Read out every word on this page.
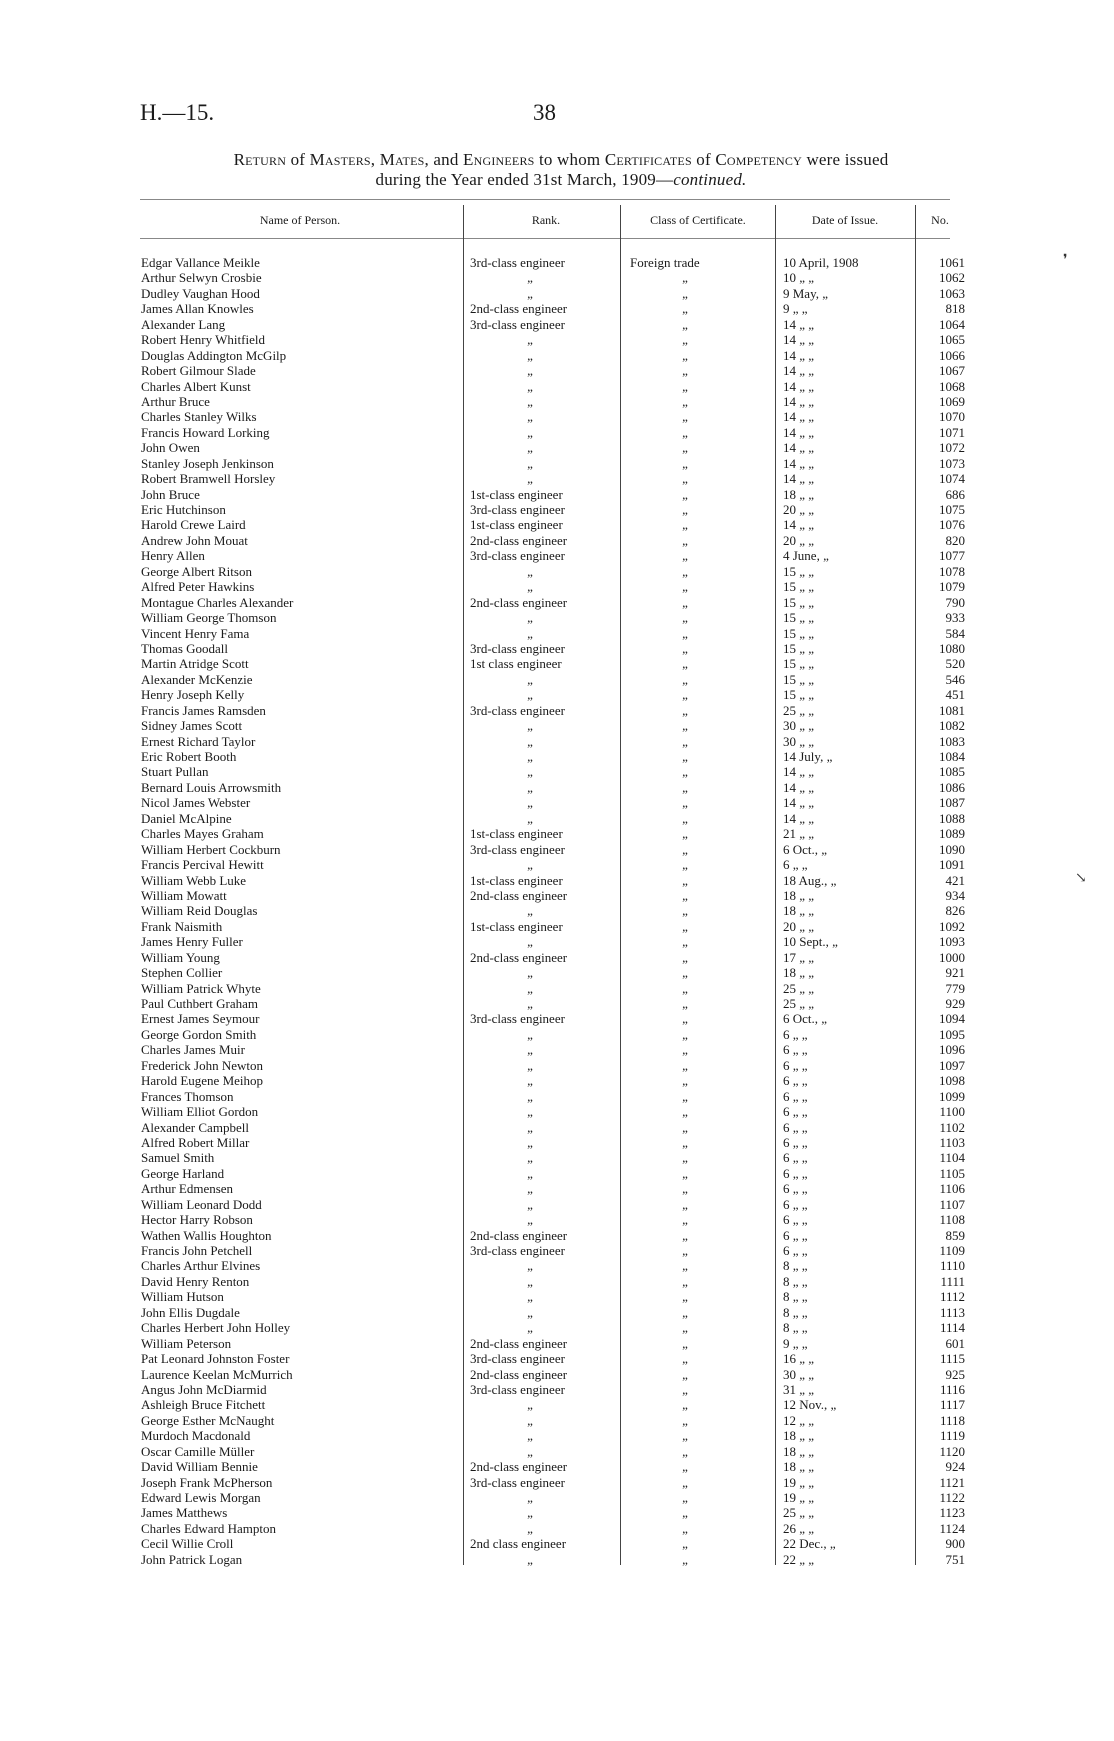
H.—15.	38
Return of Masters, Mates, and Engineers to whom Certificates of Competency were issued
during the Year ended 31st March, 1909—continued.
Name of Person.	Rank.	Class of Certificate.	Date of Issue.	No.
Edgar Vallance Meikle	3rd-class engineer	Foreign trade	10 April, 1908	1061
Arthur Selwyn Crosbie	„	„	10 „ „	1062
Dudley Vaughan Hood	„	„	9 May, „	1063
James Allan Knowles	2nd-class engineer	„	9 „ „	818
Alexander Lang	3rd-class engineer	„	14 „ „	1064
Robert Henry Whitfield	„	„	14 „ „	1065
Douglas Addington McGilp	„	„	14 „ „	1066
Robert Gilmour Slade	„	„	14 „ „	1067
Charles Albert Kunst	„	„	14 „ „	1068
Arthur Bruce	„	„	14 „ „	1069
Charles Stanley Wilks	„	„	14 „ „	1070
Francis Howard Lorking	„	„	14 „ „	1071
John Owen	„	„	14 „ „	1072
Stanley Joseph Jenkinson	„	„	14 „ „	1073
Robert Bramwell Horsley	„	„	14 „ „	1074
John Bruce	1st-class engineer	„	18 „ „	686
Eric Hutchinson	3rd-class engineer	„	20 „ „	1075
Harold Crewe Laird	1st-class engineer	„	14 „ „	1076
Andrew John Mouat	2nd-class engineer	„	20 „ „	820
Henry Allen	3rd-class engineer	„	4 June, „	1077
George Albert Ritson	„	„	15 „ „	1078
Alfred Peter Hawkins	„	„	15 „ „	1079
Montague Charles Alexander	2nd-class engineer	„	15 „ „	790
William George Thomson	„	„	15 „ „	933
Vincent Henry Fama	„	„	15 „ „	584
Thomas Goodall	3rd-class engineer	„	15 „ „	1080
Martin Atridge Scott	1st class engineer	„	15 „ „	520
Alexander McKenzie	„	„	15 „ „	546
Henry Joseph Kelly	„	„	15 „ „	451
Francis James Ramsden	3rd-class engineer	„	25 „ „	1081
Sidney James Scott	„	„	30 „ „	1082
Ernest Richard Taylor	„	„	30 „ „	1083
Eric Robert Booth	„	„	14 July, „	1084
Stuart Pullan	„	„	14 „ „	1085
Bernard Louis Arrowsmith	„	„	14 „ „	1086
Nicol James Webster	„	„	14 „ „	1087
Daniel McAlpine	„	„	14 „ „	1088
Charles Mayes Graham	1st-class engineer	„	21 „ „	1089
William Herbert Cockburn	3rd-class engineer	„	6 Oct., „	1090
Francis Percival Hewitt	„	„	6 „ „	1091
William Webb Luke	1st-class engineer	„	18 Aug., „	421
William Mowatt	2nd-class engineer	„	18 „ „	934
William Reid Douglas	„	„	18 „ „	826
Frank Naismith	1st-class engineer	„	20 „ „	1092
James Henry Fuller	„	„	10 Sept., „	1093
William Young	2nd-class engineer	„	17 „ „	1000
Stephen Collier	„	„	18 „ „	921
William Patrick Whyte	„	„	25 „ „	779
Paul Cuthbert Graham	„	„	25 „ „	929
Ernest James Seymour	3rd-class engineer	„	6 Oct., „	1094
George Gordon Smith	„	„	6 „ „	1095
Charles James Muir	„	„	6 „ „	1096
Frederick John Newton	„	„	6 „ „	1097
Harold Eugene Meihop	„	„	6 „ „	1098
Frances Thomson	„	„	6 „ „	1099
William Elliot Gordon	„	„	6 „ „	1100
Alexander Campbell	„	„	6 „ „	1102
Alfred Robert Millar	„	„	6 „ „	1103
Samuel Smith	„	„	6 „ „	1104
George Harland	„	„	6 „ „	1105
Arthur Edmensen	„	„	6 „ „	1106
William Leonard Dodd	„	„	6 „ „	1107
Hector Harry Robson	„	„	6 „ „	1108
Wathen Wallis Houghton	2nd-class engineer	„	6 „ „	859
Francis John Petchell	3rd-class engineer	„	6 „ „	1109
Charles Arthur Elvines	„	„	8 „ „	1110
David Henry Renton	„	„	8 „ „	1111
William Hutson	„	„	8 „ „	1112
John Ellis Dugdale	„	„	8 „ „	1113
Charles Herbert John Holley	„	„	8 „ „	1114
William Peterson	2nd-class engineer	„	9 „ „	601
Pat Leonard Johnston Foster	3rd-class engineer	„	16 „ „	1115
Laurence Keelan McMurrich	2nd-class engineer	„	30 „ „	925
Angus John McDiarmid	3rd-class engineer	„	31 „ „	1116
Ashleigh Bruce Fitchett	„	„	12 Nov., „	1117
George Esther McNaught	„	„	12 „ „	1118
Murdoch Macdonald	„	„	18 „ „	1119
Oscar Camille Müller	„	„	18 „ „	1120
David William Bennie	2nd-class engineer	„	18 „ „	924
Joseph Frank McPherson	3rd-class engineer	„	19 „ „	1121
Edward Lewis Morgan	„	„	19 „ „	1122
James Matthews	„	„	25 „ „	1123
Charles Edward Hampton	„	„	26 „ „	1124
Cecil Willie Croll	2nd class engineer	„	22 Dec., „	900
John Patrick Logan	„	„	22 „ „	751
❜
↘
